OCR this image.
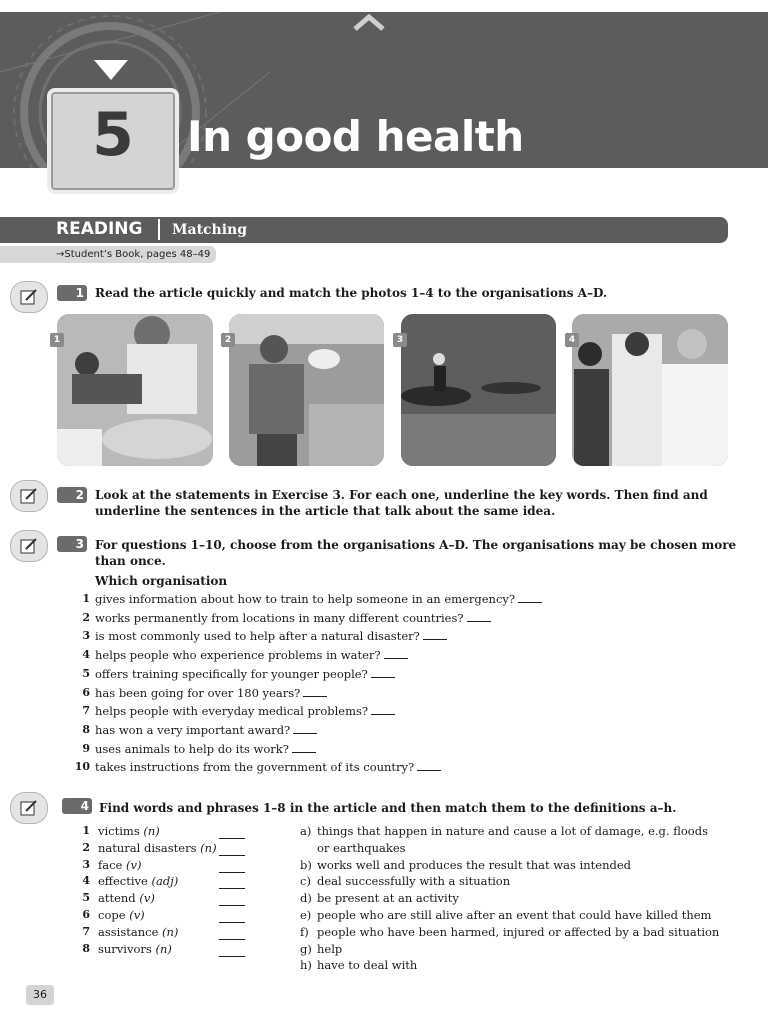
5	In good health
READING Matching
→Student’s Book, pages 48–49
1 Read the article quickly and match the photos 1–4 to the organisations A–D.
1	2	3	4
2 Look at the statements in Exercise 3. For each one, underline the key words. Then find and
underline the sentences in the article that talk about the same idea.
3 For questions 1–10, choose from the organisations A–D. The organisations may be chosen more
than once.
Which organisation
1 gives information about how to train to help someone in an emergency?
2 works permanently from locations in many different countries?
3 is most commonly used to help after a natural disaster?
4 helps people who experience problems in water?
5 offers training specifically for younger people?
6 has been going for over 180 years?
7 helps people with everyday medical problems?
8 has won a very important award?
9 uses animals to help do its work?
10 takes instructions from the government of its country?
4 Find words and phrases 1–8 in the article and then match them to the definitions a–h.
1 victims (n)
2 natural disasters (n)
3 face (v)
4 effective (adj)
5 attend (v)
6 cope (v)
7 assistance (n)
8 survivors (n)
a) things that happen in nature and cause a lot of damage, e.g. floods
or earthquakes
b) works well and produces the result that was intended
c) deal successfully with a situation
d) be present at an activity
e) people who are still alive after an event that could have killed them
f) people who have been harmed, injured or affected by a bad situation
g) help
h) have to deal with
36
